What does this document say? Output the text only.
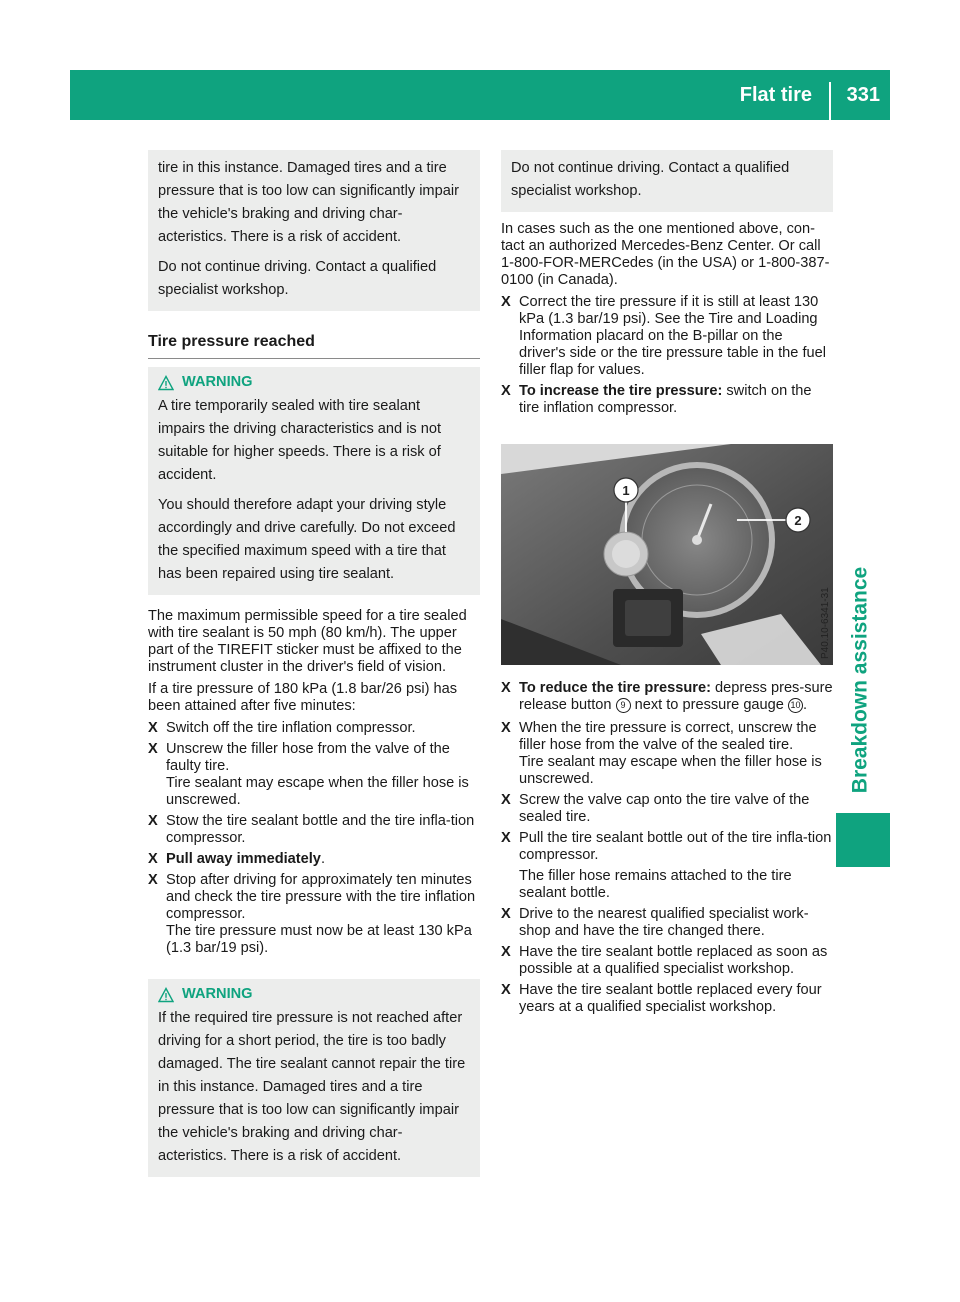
Flat tire 331
Breakdown assistance

tire in this instance. Damaged tires and a tire pressure that is too low can significantly impair the vehicle's braking and driving char-acteristics. There is a risk of accident.

Do not continue driving. Contact a qualified specialist workshop.

Tire pressure reached
WARNING

A tire temporarily sealed with tire sealant impairs the driving characteristics and is not suitable for higher speeds. There is a risk of accident.

You should therefore adapt your driving style accordingly and drive carefully. Do not exceed the specified maximum speed with a tire that has been repaired using tire sealant.

The maximum permissible speed for a tire sealed with tire sealant is 50 mph (80 km/h). The upper part of the TIREFIT sticker must be affixed to the instrument cluster in the driver's field of vision.

If a tire pressure of 180 kPa (1.8 bar/26 psi) has been attained after five minutes:

X Switch off the tire inflation compressor.
X Unscrew the filler hose from the valve of the faulty tire.
Tire sealant may escape when the filler hose is unscrewed.
X Stow the tire sealant bottle and the tire infla-tion compressor.
X Pull away immediately.
X Stop after driving for approximately ten minutes and check the tire pressure with the tire inflation compressor.
The tire pressure must now be at least 130 kPa (1.3 bar/19 psi).
WARNING

If the required tire pressure is not reached after driving for a short period, the tire is too badly damaged. The tire sealant cannot repair the tire in this instance. Damaged tires and a tire pressure that is too low can significantly impair the vehicle's braking and driving char-acteristics. There is a risk of accident.

Do not continue driving. Contact a qualified specialist workshop.

In cases such as the one mentioned above, con-tact an authorized Mercedes-Benz Center. Or call 1-800-FOR-MERCedes (in the USA) or 1-800-387-0100 (in Canada).

X Correct the tire pressure if it is still at least 130 kPa (1.3 bar/19 psi). See the Tire and Loading Information placard on the B-pillar on the driver's side or the tire pressure table in the fuel filler flap for values.
X To increase the tire pressure: switch on the tire inflation compressor.
1
2
P40.10-6341-31
X To reduce the tire pressure: depress pres-sure release button 9 next to pressure gauge 10 .
X When the tire pressure is correct, unscrew the filler hose from the valve of the sealed tire.
Tire sealant may escape when the filler hose is unscrewed.
X Screw the valve cap onto the tire valve of the sealed tire.
X Pull the tire sealant bottle out of the tire infla-tion compressor.
The filler hose remains attached to the tire sealant bottle.
X Drive to the nearest qualified specialist work-shop and have the tire changed there.
X Have the tire sealant bottle replaced as soon as possible at a qualified specialist workshop.
X Have the tire sealant bottle replaced every four years at a qualified specialist workshop.
